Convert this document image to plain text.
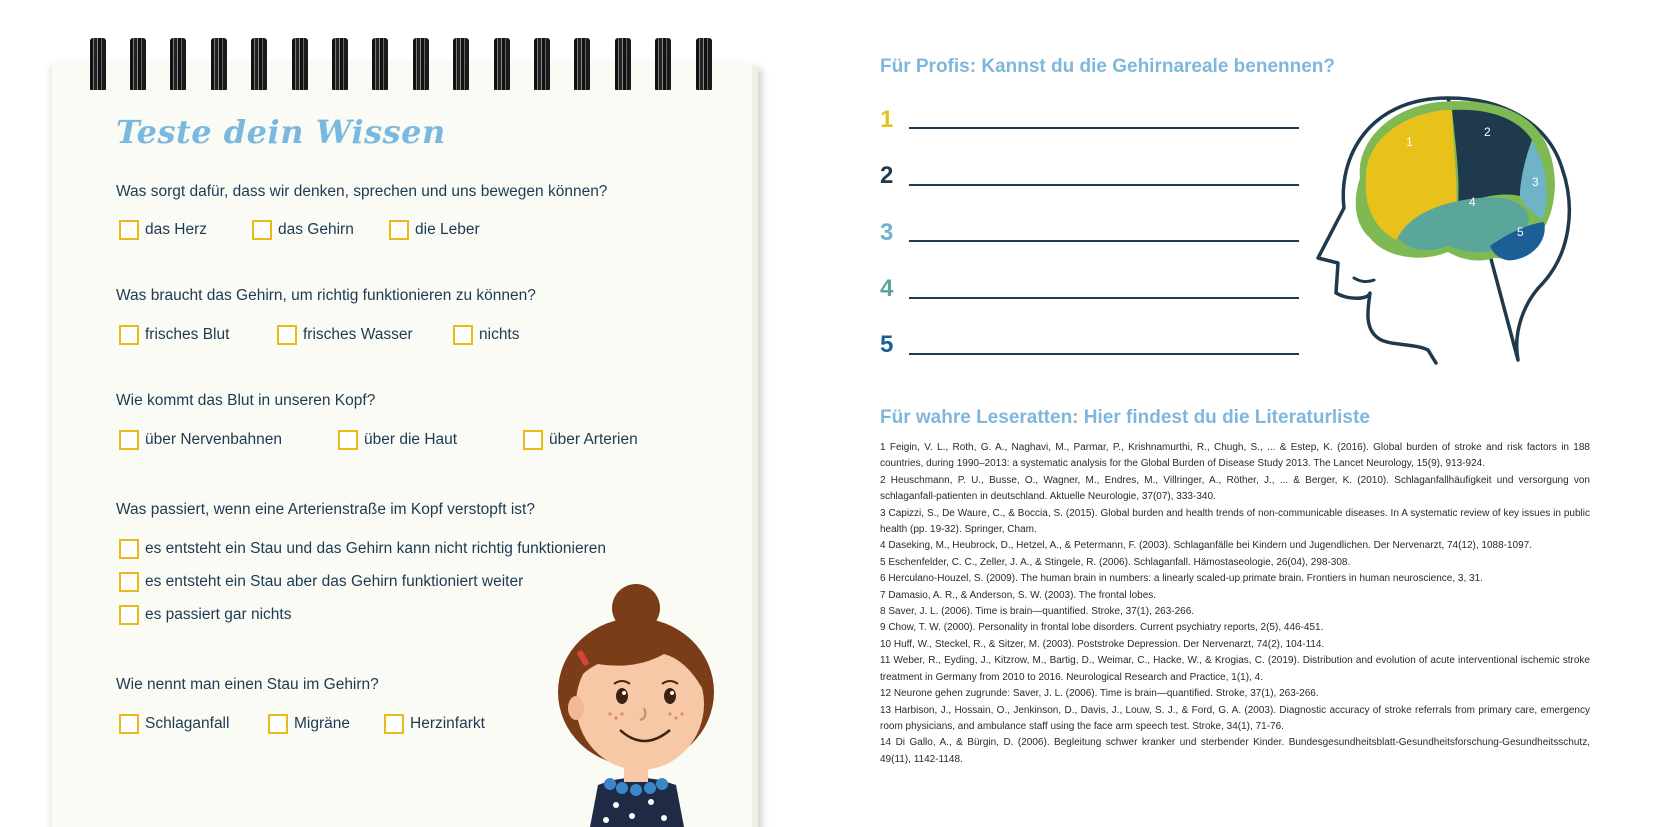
Teste dein Wissen
Was sorgt dafür, dass wir denken, sprechen und uns bewegen können?
das Herz	das Gehirn	die Leber
Was braucht das Gehirn, um richtig funktionieren zu können?
frisches Blut	frisches Wasser	nichts
Wie kommt das Blut in unseren Kopf?
über Nervenbahnen	über die Haut	über Arterien
Was passiert, wenn eine Arterienstraße im Kopf verstopft ist?
es entsteht ein Stau und das Gehirn kann nicht richtig funktionieren
es entsteht ein Stau aber das Gehirn funktioniert weiter
es passiert gar nichts
Wie nennt man einen Stau im Gehirn?
Schlaganfall	Migräne	Herzinfarkt
Für Profis: Kannst du die Gehirnareale benennen?
1
2
3
4
5
1
2
3
4
5
Für wahre Leseratten: Hier findest du die Literaturliste

1 Feigin, V. L., Roth, G. A., Naghavi, M., Parmar, P., Krishnamurthi, R., Chugh, S., ... & Estep, K. (2016). Global burden of stroke and risk factors in 188 countries, during 1990–2013: a systematic analysis for the Global Burden of Disease Study 2013. The Lancet Neurology, 15(9), 913-924.

2 Heuschmann, P. U., Busse, O., Wagner, M., Endres, M., Villringer, A., Röther, J., ... & Berger, K. (2010). Schlaganfallhäufigkeit und versorgung von schlaganfall-patienten in deutschland. Aktuelle Neurologie, 37(07), 333-340.

3 Capizzi, S., De Waure, C., & Boccia, S. (2015). Global burden and health trends of non-communicable diseases. In A systematic review of key issues in public health (pp. 19-32). Springer, Cham.

4 Daseking, M., Heubrock, D., Hetzel, A., & Petermann, F. (2003). Schlaganfälle bei Kindern und Jugendlichen. Der Nervenarzt, 74(12), 1088-1097.

5 Eschenfelder, C. C., Zeller, J. A., & Stingele, R. (2006). Schlaganfall. Hämostaseologie, 26(04), 298-308.

6 Herculano-Houzel, S. (2009). The human brain in numbers: a linearly scaled-up primate brain. Frontiers in human neuroscience, 3, 31.

7 Damasio, A. R., & Anderson, S. W. (2003). The frontal lobes.

8 Saver, J. L. (2006). Time is brain—quantified. Stroke, 37(1), 263-266.

9 Chow, T. W. (2000). Personality in frontal lobe disorders. Current psychiatry reports, 2(5), 446-451.

10 Huff, W., Steckel, R., & Sitzer, M. (2003). Poststroke Depression. Der Nervenarzt, 74(2), 104-114.

11 Weber, R., Eyding, J., Kitzrow, M., Bartig, D., Weimar, C., Hacke, W., & Krogias, C. (2019). Distribution and evolution of acute interventional ischemic stroke treatment in Germany from 2010 to 2016. Neurological Research and Practice, 1(1), 4.

12 Neurone gehen zugrunde: Saver, J. L. (2006). Time is brain—quantified. Stroke, 37(1), 263-266.

13 Harbison, J., Hossain, O., Jenkinson, D., Davis, J., Louw, S. J., & Ford, G. A. (2003). Diagnostic accuracy of stroke referrals from primary care, emergency room physicians, and ambulance staff using the face arm speech test. Stroke, 34(1), 71-76.

14 Di Gallo, A., & Bürgin, D. (2006). Begleitung schwer kranker und sterbender Kinder. Bundesgesundheitsblatt-Gesundheitsforschung-Gesundheitsschutz, 49(11), 1142-1148.
